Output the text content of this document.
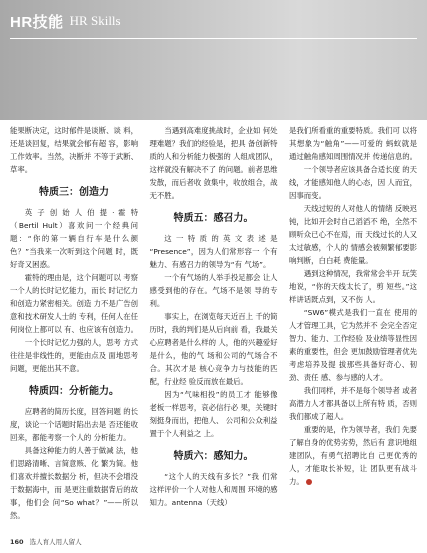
HR技能 HR Skills

能果断决定，这时郁件是谈断、谈 料，还是谈回复，结果就会郁有超 容，影响工作效率。当然，决断并 不等于武断、草率。

特质三：创造力

英 子 创 始 人 伯 提 · 霍 特 （Bertil Hult）喜欢问一个经典问 题：“你的第一辆自行车是什么颜 色？”当我来一次听到这个问题 时，既好奇又困惑。

霍特的理由是，这个问题可以 考察一个人的长时记忆能力，而长 时记忆力和创造力紧密相关。创造 力不是广告创意和技术研发人士的 专利，任何人在任何岗位上都可以 有、也应该有创造力。

一个长时记忆力强的人，思考 方式往往是非线性的，更能由点及 面地思考问题，更能出其不意。

特质四：分析能力。

应聘者的简历长度，回答问题 的长度，谈论一个话题时陷出去是 否还能收回来，都能考察一个人的 分析能力。

具备这种能力的人善于做减 法，他们思路清晰、言简意赅、化 繁为简。他们喜欢并擅长数据分 析，但决不会增没于数据海中，而 是更注重数据背后的故事，他们会 问“So what？”——所以然。

当遇到高难度挑战时，企业如 何处理难题？我们的经验是，把具 备创新特质的人和分析能力极强的 人组成团队，这样就没有解决不了 的问题。前者思维发散，而后者收 敛集中，收放组合，战无不胜。

特质五：感召力。

这 一 特 质 的 英 文 表 述 是 “Presence”，因为人们常形容一 个有魅力、有感召力的领导为“有 气场”。

一个有气场的人举手投足都会 让人感受到他的存在。气场不是领 导的专利。

事实上，在浏览每天近百上 千的简历时，我的判们是从后向前 看，我最关心应聘者是什么样的 人，他的兴趣爱好是什么，他的气 场和公司的气场合不合。其次才是 核心竞争力与技能的匹配，行业经 验反而放在最后。

因为“气味相投”的员工才 能够像老板一样思考，哀必信行必 果，关键时刻挺身而出，把他人、 公司和公众利益置于个人利益之 上。

特质六：感知力。

“这个人的天线有多长？”我 们常这样评价一个人对他人和周围 环境的感知力。antenna（天线）

是我们所看重的重要特质。我们可 以将其想象为“触角”——可爱的 蚂蚁就是通过触角感知周围情况并 传递信息的。

一个领导者应该具备合适长度 的天线，才能感知他人的心态，因 人而宜，因事而变。

天线过短的人对他人的情绪 反映迟钝，比如开会时自己滔滔不 绝，全然不顾听众已心不在焉，而 天线过长的人又太过敏感，个人的 情感会被频繁郁要影响判断，白白耗 费能量。

遇到这种情况，我常常会半开 玩笑地说，“你的天线太长了，剪 短些。”这样讲话既点到，又不伤 人。

“SW6”模式是我们一直在 使用的人才管理工具，它为然并不 会完全否定智力、能力、工作经验 及业绩等显性因素的重要性，但会 更加鼓励管理者优先考虑培养及提 拔那些具备好奇心、韧劲、责任 感、参与感的人才。

我们同样，并不是每个领导者 或者高潜力人才都具备以上所有特 质，否则我们都成了超人。

重要的是，作为领导者，我们 先要了解自身的优势劣势，然后有 意识地组建团队，有勇气招聘比自 己更优秀的人，才能取长补短，让 团队更有战斗力。

160 选人育人用人留人
